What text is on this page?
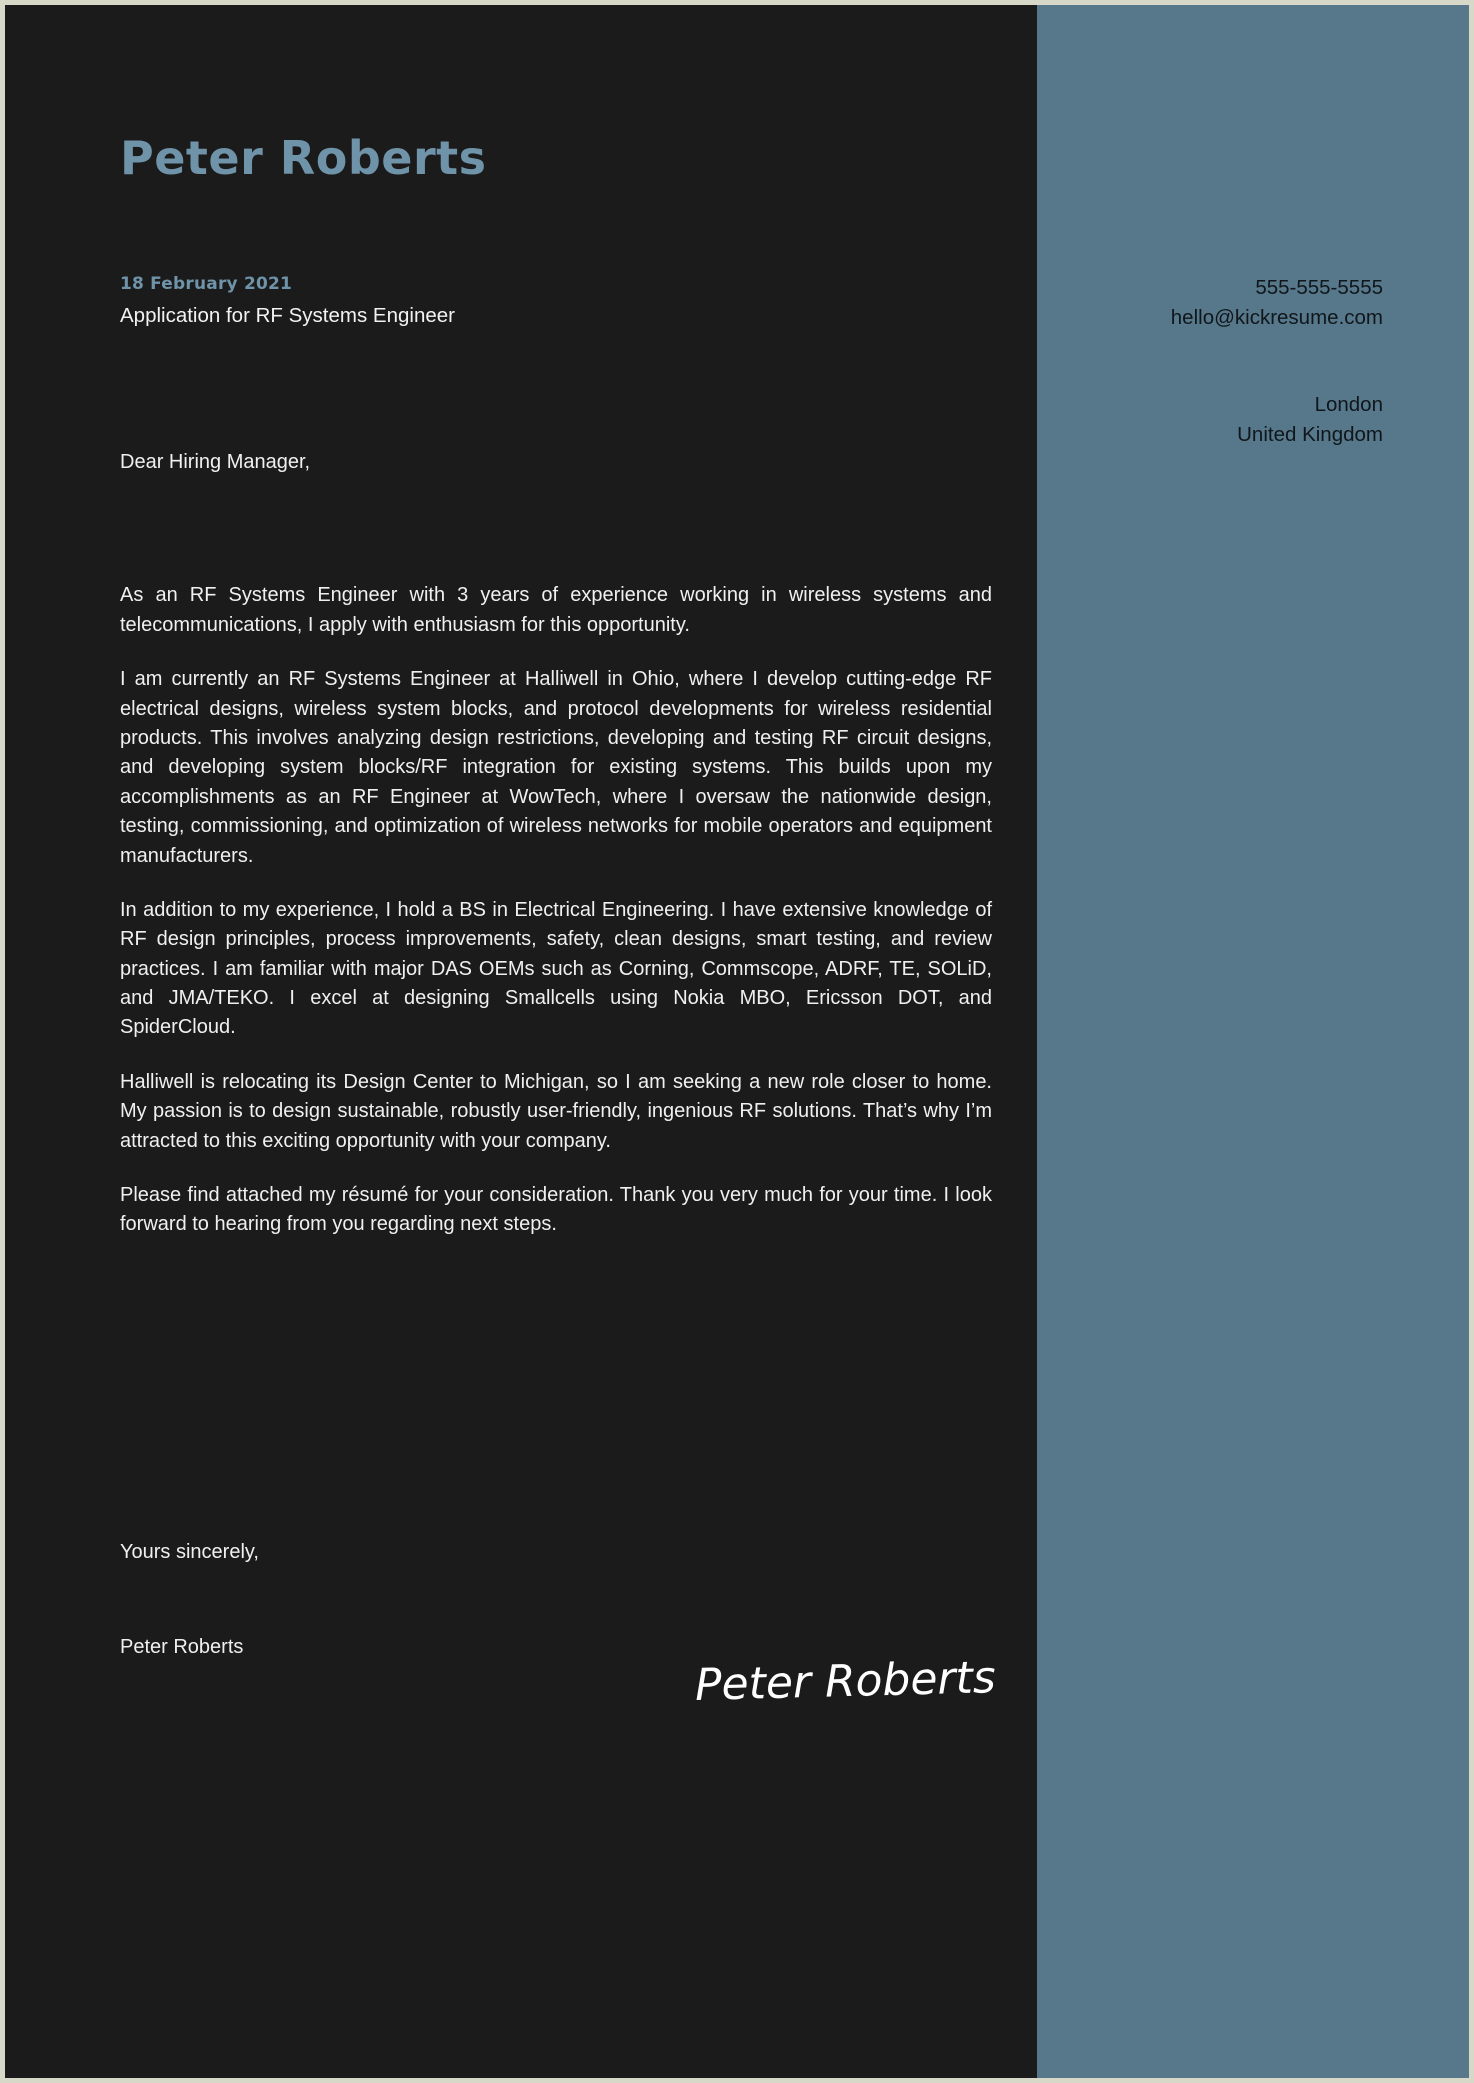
Peter Roberts
18 February 2021
Application for RF Systems Engineer
555-555-5555
hello@kickresume.com
London
United Kingdom

Dear Hiring Manager,

As an RF Systems Engineer with 3 years of experience working in wireless systems and telecommunications, I apply with enthusiasm for this opportunity.

I am currently an RF Systems Engineer at Halliwell in Ohio, where I develop cutting-edge RF electrical designs, wireless system blocks, and protocol developments for wireless residential products. This involves analyzing design restrictions, developing and testing RF circuit designs, and developing system blocks/RF integration for existing systems. This builds upon my accomplishments as an RF Engineer at WowTech, where I oversaw the nationwide design, testing, commissioning, and optimization of wireless networks for mobile operators and equipment manufacturers.

In addition to my experience, I hold a BS in Electrical Engineering. I have extensive knowledge of RF design principles, process improvements, safety, clean designs, smart testing, and review practices. I am familiar with major DAS OEMs such as Corning, Commscope, ADRF, TE, SOLiD, and JMA/TEKO. I excel at designing Smallcells using Nokia MBO, Ericsson DOT, and SpiderCloud.

Halliwell is relocating its Design Center to Michigan, so I am seeking a new role closer to home. My passion is to design sustainable, robustly user-friendly, ingenious RF solutions. That’s why I’m attracted to this exciting opportunity with your company.

Please find attached my résumé for your consideration. Thank you very much for your time. I look forward to hearing from you regarding next steps.

Yours sincerely,
Peter Roberts
Peter Roberts
